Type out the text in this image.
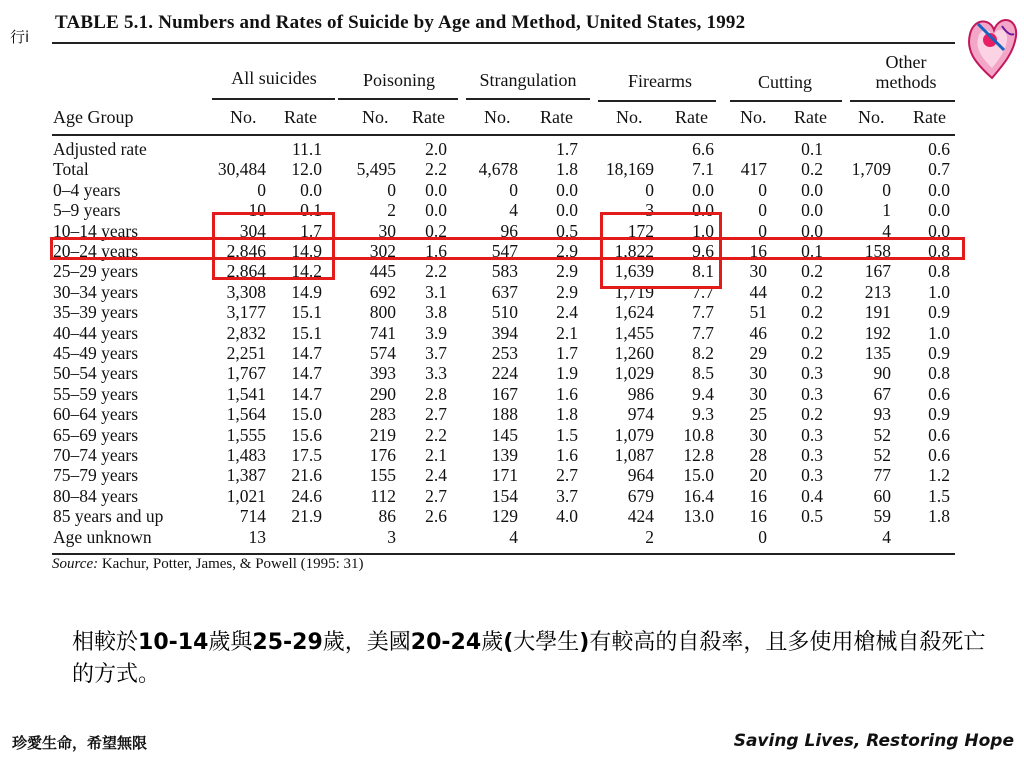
行i
TABLE 5.1. Numbers and Rates of Suicide by Age and Method, United States, 1992
All suicides	Poisoning	Strangulation	Firearms	Cutting
Other
methods
Age Group	No. Rate	No. Rate No. Rate No. Rate No. Rate No. Rate
Adjusted rate	11.1	2.0	1.7	6.6	0.1	0.6
Total	30,484 12.0 5,495 2.2 4,678 1.8 18,169 7.1 417 0.2 1,709 0.7
0–4 years	0 0.0	0 0.0	0 0.0	0 0.0	0 0.0	0 0.0
5–9 years	10 0.1	2 0.0	4 0.0	3 0.0	0 0.0	1 0.0
10–14 years	304 1.7	30 0.2	96 0.5	172 1.0	0 0.0	4 0.0
20–24 years	2,846 14.9	302 1.6	547 2.9 1,822 9.6 16 0.1 158 0.8
25–29 years	2,864 14.2	445 2.2	583 2.9 1,639 8.1 30 0.2 167 0.8
30–34 years	3,308 14.9	692 3.1	637 2.9 1,719 7.7 44 0.2 213 1.0
35–39 years	3,177 15.1	800 3.8	510 2.4 1,624 7.7 51 0.2 191 0.9
40–44 years	2,832 15.1	741 3.9	394 2.1 1,455 7.7 46 0.2 192 1.0
45–49 years	2,251 14.7	574 3.7	253 1.7 1,260 8.2 29 0.2 135 0.9
50–54 years	1,767 14.7	393 3.3	224 1.9 1,029 8.5 30 0.3	90 0.8
55–59 years	1,541 14.7	290 2.8	167 1.6	986 9.4 30 0.3	67 0.6
60–64 years	1,564 15.0	283 2.7	188 1.8	974 9.3 25 0.2	93 0.9
65–69 years	1,555 15.6	219 2.2	145 1.5 1,079 10.8 30 0.3	52 0.6
70–74 years	1,483 17.5	176 2.1	139 1.6 1,087 12.8 28 0.3	52 0.6
75–79 years	1,387 21.6	155 2.4	171 2.7	964 15.0 20 0.3	77 1.2
80–84 years	1,021 24.6	112 2.7	154 3.7	679 16.4 16 0.4	60 1.5
85 years and up	714 21.9	86 2.6	129 4.0	424 13.0 16 0.5	59 1.8
Age unknown	13	3	4	2	0	4
Source: Kachur, Potter, James, & Powell (1995: 31)
相較於10-14歲與25-29歲，美國20-24歲(大學生)有較高的自殺率，且多使用槍械自殺死亡的方式。
珍愛生命，希望無限	Saving Lives, Restoring Hope
